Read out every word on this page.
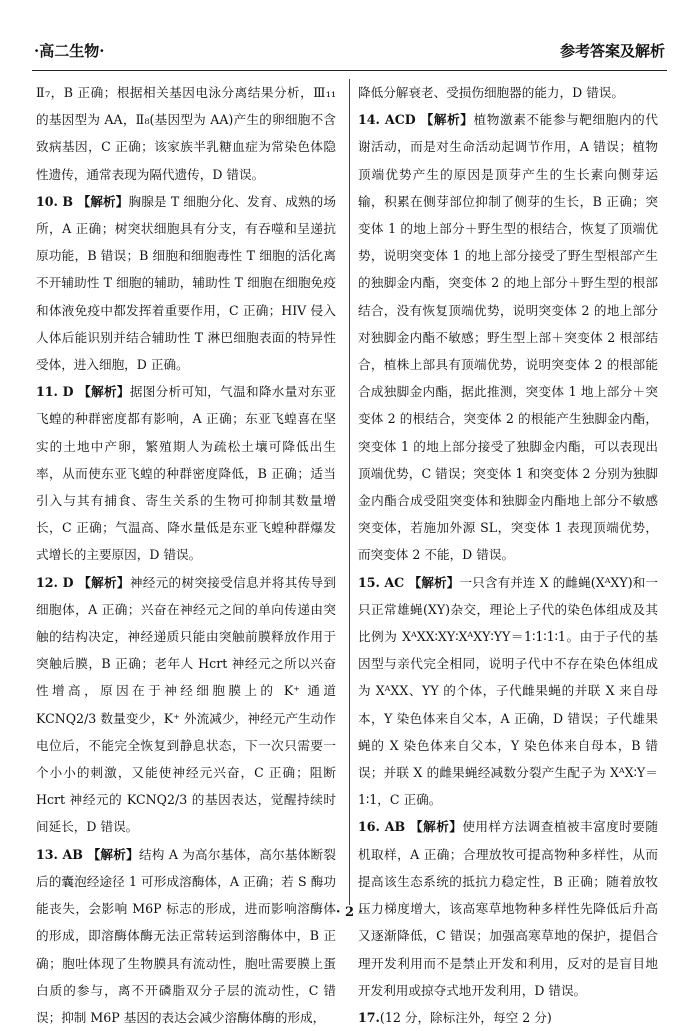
·高二生物·	参考答案及解析

Ⅱ₇，B 正确；根据相关基因电泳分离结果分析，Ⅲ₁₁的基因型为 AA，Ⅱ₈(基因型为 AA)产生的卵细胞不含致病基因，C 正确；该家族半乳糖血症为常染色体隐性遗传，通常表现为隔代遗传，D 错误。

10. B 【解析】胸腺是 T 细胞分化、发育、成熟的场所，A 正确；树突状细胞具有分支，有吞噬和呈递抗原功能，B 错误；B 细胞和细胞毒性 T 细胞的活化离不开辅助性 T 细胞的辅助，辅助性 T 细胞在细胞免疫和体液免疫中都发挥着重要作用，C 正确；HIV 侵入人体后能识别并结合辅助性 T 淋巴细胞表面的特异性受体，进入细胞，D 正确。

11. D 【解析】据图分析可知，气温和降水量对东亚飞蝗的种群密度都有影响，A 正确；东亚飞蝗喜在坚实的土地中产卵，繁殖期人为疏松土壤可降低出生率，从而使东亚飞蝗的种群密度降低，B 正确；适当引入与其有捕食、寄生关系的生物可抑制其数量增长，C 正确；气温高、降水量低是东亚飞蝗种群爆发式增长的主要原因，D 错误。

12. D 【解析】神经元的树突接受信息并将其传导到细胞体，A 正确；兴奋在神经元之间的单向传递由突触的结构决定，神经递质只能由突触前膜释放作用于突触后膜，B 正确；老年人 Hcrt 神经元之所以兴奋性增高，原因在于神经细胞膜上的 K⁺ 通道 KCNQ2/3 数量变少，K⁺ 外流减少，神经元产生动作电位后，不能完全恢复到静息状态，下一次只需要一个小小的刺激，又能使神经元兴奋，C 正确；阻断 Hcrt 神经元的 KCNQ2/3 的基因表达，觉醒持续时间延长，D 错误。

13. AB 【解析】结构 A 为高尔基体，高尔基体断裂后的囊泡经途径 1 可形成溶酶体，A 正确；若 S 酶功能丧失，会影响 M6P 标志的形成，进而影响溶酶体的形成，即溶酶体酶无法正常转运到溶酶体中，B 正确；胞吐体现了生物膜具有流动性，胞吐需要膜上蛋白质的参与，离不开磷脂双分子层的流动性，C 错误；抑制 M6P 基因的表达会减少溶酶体酶的形成，

降低分解衰老、受损伤细胞器的能力，D 错误。

14. ACD 【解析】植物激素不能参与靶细胞内的代谢活动，而是对生命活动起调节作用，A 错误；植物顶端优势产生的原因是顶芽产生的生长素向侧芽运输，积累在侧芽部位抑制了侧芽的生长，B 正确；突变体 1 的地上部分＋野生型的根结合，恢复了顶端优势，说明突变体 1 的地上部分接受了野生型根部产生的独脚金内酯，突变体 2 的地上部分＋野生型的根部结合，没有恢复顶端优势，说明突变体 2 的地上部分对独脚金内酯不敏感；野生型上部＋突变体 2 根部结合，植株上部具有顶端优势，说明突变体 2 的根部能合成独脚金内酯，据此推测，突变体 1 地上部分＋突变体 2 的根结合，突变体 2 的根能产生独脚金内酯，突变体 1 的地上部分接受了独脚金内酯，可以表现出顶端优势，C 错误；突变体 1 和突变体 2 分别为独脚金内酯合成受阻突变体和独脚金内酯地上部分不敏感突变体，若施加外源 SL，突变体 1 表现顶端优势，而突变体 2 不能，D 错误。

15. AC 【解析】一只含有并连 X 的雌蝇(XᴬXY)和一只正常雄蝇(XY)杂交，理论上子代的染色体组成及其比例为 XᴬXX∶XY∶XᴬXY∶YY＝1∶1∶1∶1。由于子代的基因型与亲代完全相同，说明子代中不存在染色体组成为 XᴬXX、YY 的个体，子代雌果蝇的并联 X 来自母本，Y 染色体来自父本，A 正确，D 错误；子代雄果蝇的 X 染色体来自父本，Y 染色体来自母本，B 错误；并联 X 的雌果蝇经减数分裂产生配子为 XᴬX∶Y＝1∶1，C 正确。

16. AB 【解析】使用样方法调查植被丰富度时要随机取样，A 正确；合理放牧可提高物种多样性，从而提高该生态系统的抵抗力稳定性，B 正确；随着放牧压力梯度增大，该高寒草地物种多样性先降低后升高又逐渐降低，C 错误；加强高寒草地的保护，提倡合理开发利用而不是禁止开发和利用，反对的是盲目地开发利用或掠夺式地开发利用，D 错误。

17.(12 分，除标注外，每空 2 分)

· 2 ·
